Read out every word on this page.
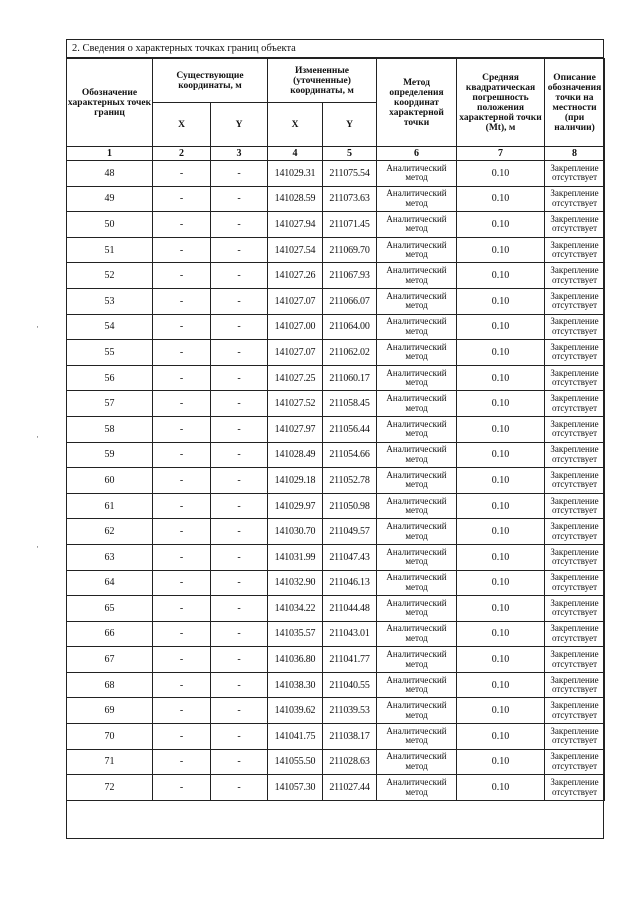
2. Сведения о характерных точках границ объекта
Обозначение характерных точек границ	Существующие координаты, м		Измененные (уточненные) координаты, м		Метод определения координат характерной точки	Средняя квадратическая погрешность положения характерной точки (Mt), м	Описание обозначения точки на местности (при наличии)
	X	Y	X	Y			
1	2	3	4	5	6	7	8
48	-	-	141029.31	211075.54	Аналитический метод	0.10	Закрепление отсутствует
49	-	-	141028.59	211073.63	Аналитический метод	0.10	Закрепление отсутствует
50	-	-	141027.94	211071.45	Аналитический метод	0.10	Закрепление отсутствует
51	-	-	141027.54	211069.70	Аналитический метод	0.10	Закрепление отсутствует
52	-	-	141027.26	211067.93	Аналитический метод	0.10	Закрепление отсутствует
53	-	-	141027.07	211066.07	Аналитический метод	0.10	Закрепление отсутствует
54	-	-	141027.00	211064.00	Аналитический метод	0.10	Закрепление отсутствует
55	-	-	141027.07	211062.02	Аналитический метод	0.10	Закрепление отсутствует
56	-	-	141027.25	211060.17	Аналитический метод	0.10	Закрепление отсутствует
57	-	-	141027.52	211058.45	Аналитический метод	0.10	Закрепление отсутствует
58	-	-	141027.97	211056.44	Аналитический метод	0.10	Закрепление отсутствует
59	-	-	141028.49	211054.66	Аналитический метод	0.10	Закрепление отсутствует
60	-	-	141029.18	211052.78	Аналитический метод	0.10	Закрепление отсутствует
61	-	-	141029.97	211050.98	Аналитический метод	0.10	Закрепление отсутствует
62	-	-	141030.70	211049.57	Аналитический метод	0.10	Закрепление отсутствует
63	-	-	141031.99	211047.43	Аналитический метод	0.10	Закрепление отсутствует
64	-	-	141032.90	211046.13	Аналитический метод	0.10	Закрепление отсутствует
65	-	-	141034.22	211044.48	Аналитический метод	0.10	Закрепление отсутствует
66	-	-	141035.57	211043.01	Аналитический метод	0.10	Закрепление отсутствует
67	-	-	141036.80	211041.77	Аналитический метод	0.10	Закрепление отсутствует
68	-	-	141038.30	211040.55	Аналитический метод	0.10	Закрепление отсутствует
69	-	-	141039.62	211039.53	Аналитический метод	0.10	Закрепление отсутствует
70	-	-	141041.75	211038.17	Аналитический метод	0.10	Закрепление отсутствует
71	-	-	141055.50	211028.63	Аналитический метод	0.10	Закрепление отсутствует
72	-	-	141057.30	211027.44	Аналитический метод	0.10	Закрепление отсутствует
·
·
·
